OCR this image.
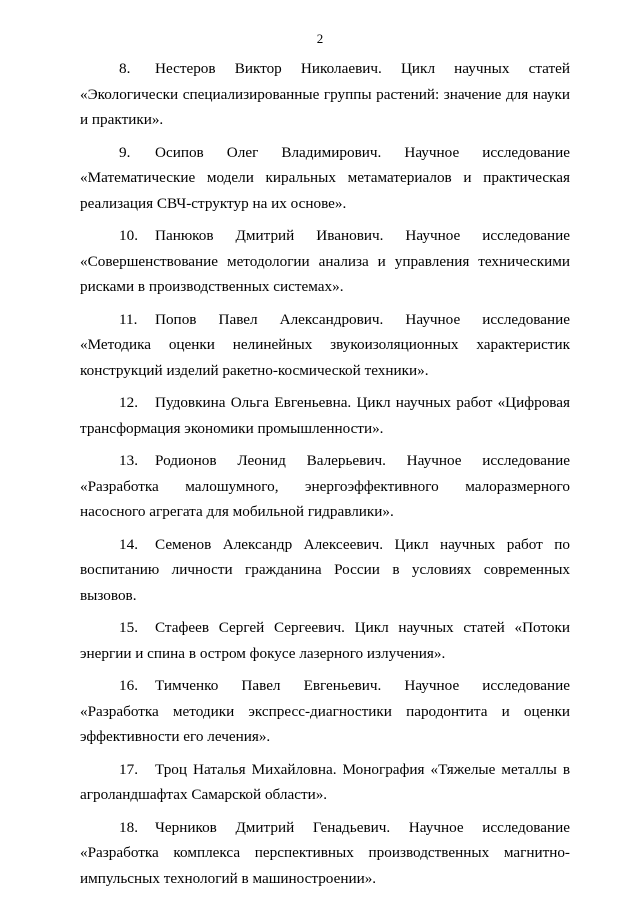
2

8. Нестеров Виктор Николаевич. Цикл научных статей «Экологически специализированные группы растений: значение для науки и практики».

9. Осипов Олег Владимирович. Научное исследование «Математические модели киральных метаматериалов и практическая реализация СВЧ-структур на их основе».

10. Панюков Дмитрий Иванович. Научное исследование «Совершенствование методологии анализа и управления техническими рисками в производственных системах».

11. Попов Павел Александрович. Научное исследование «Методика оценки нелинейных звукоизоляционных характеристик конструкций изделий ракетно-космической техники».

12. Пудовкина Ольга Евгеньевна. Цикл научных работ «Цифровая трансформация экономики промышленности».

13. Родионов Леонид Валерьевич. Научное исследование «Разработка малошумного, энергоэффективного малоразмерного насосного агрегата для мобильной гидравлики».

14. Семенов Александр Алексеевич. Цикл научных работ по воспитанию личности гражданина России в условиях современных вызовов.

15. Стафеев Сергей Сергеевич. Цикл научных статей «Потоки энергии и спина в остром фокусе лазерного излучения».

16. Тимченко Павел Евгеньевич. Научное исследование «Разработка методики экспресс-диагностики пародонтита и оценки эффективности его лечения».

17. Троц Наталья Михайловна. Монография «Тяжелые металлы в агроландшафтах Самарской области».

18. Черников Дмитрий Генадьевич. Научное исследование «Разработка комплекса перспективных производственных магнитно-импульсных технологий в машиностроении».
